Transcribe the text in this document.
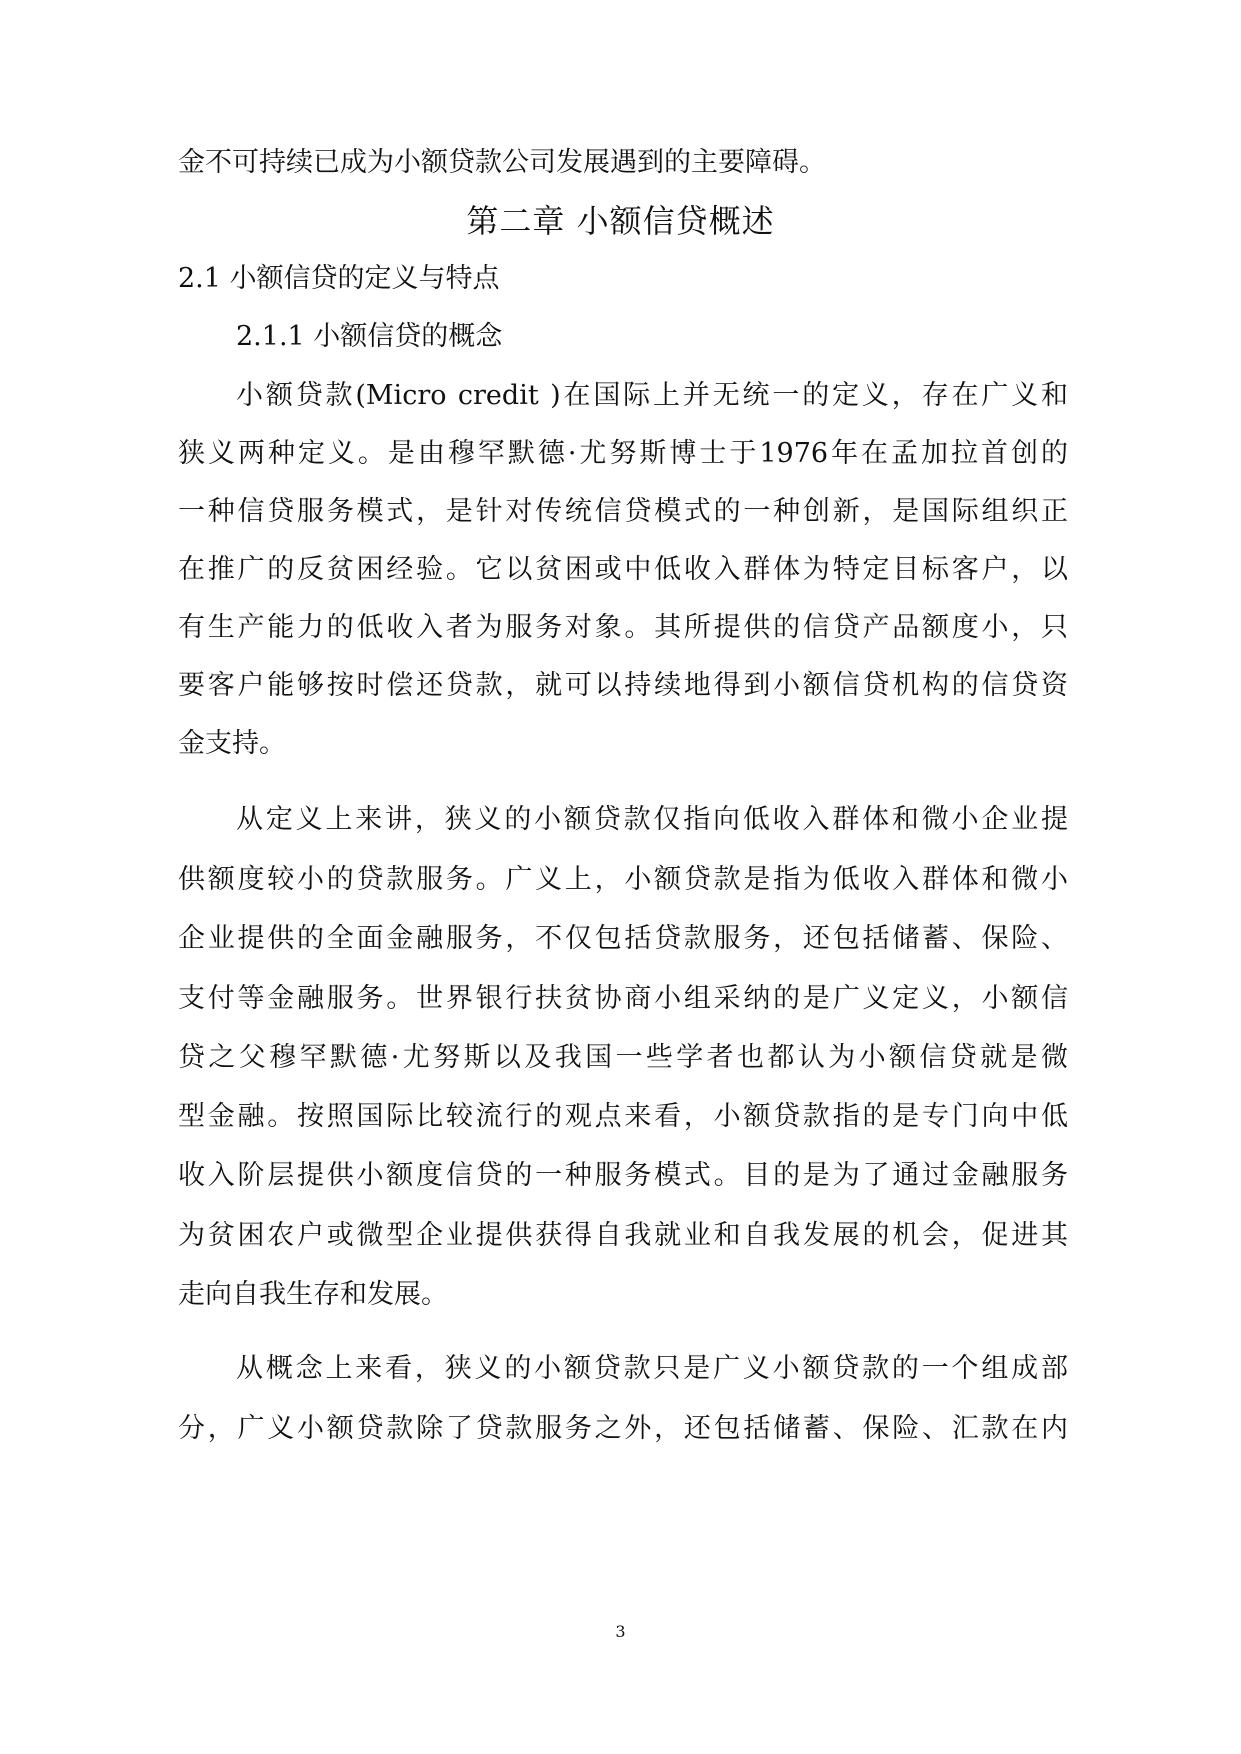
金不可持续已成为小额贷款公司发展遇到的主要障碍。
第二章 小额信贷概述
2.1 小额信贷的定义与特点
2.1.1 小额信贷的概念
小额贷款(Micro credit )在国际上并无统一的定义，存在广义和
狭义两种定义。是由穆罕默德·尤努斯博士于1976年在孟加拉首创的
一种信贷服务模式，是针对传统信贷模式的一种创新，是国际组织正
在推广的反贫困经验。它以贫困或中低收入群体为特定目标客户，以
有生产能力的低收入者为服务对象。其所提供的信贷产品额度小，只
要客户能够按时偿还贷款，就可以持续地得到小额信贷机构的信贷资
金支持。
从定义上来讲，狭义的小额贷款仅指向低收入群体和微小企业提
供额度较小的贷款服务。广义上，小额贷款是指为低收入群体和微小
企业提供的全面金融服务，不仅包括贷款服务，还包括储蓄、保险、
支付等金融服务。世界银行扶贫协商小组采纳的是广义定义，小额信
贷之父穆罕默德·尤努斯以及我国一些学者也都认为小额信贷就是微
型金融。按照国际比较流行的观点来看，小额贷款指的是专门向中低
收入阶层提供小额度信贷的一种服务模式。目的是为了通过金融服务
为贫困农户或微型企业提供获得自我就业和自我发展的机会，促进其
走向自我生存和发展。
从概念上来看，狭义的小额贷款只是广义小额贷款的一个组成部
分，广义小额贷款除了贷款服务之外，还包括储蓄、保险、汇款在内
3
